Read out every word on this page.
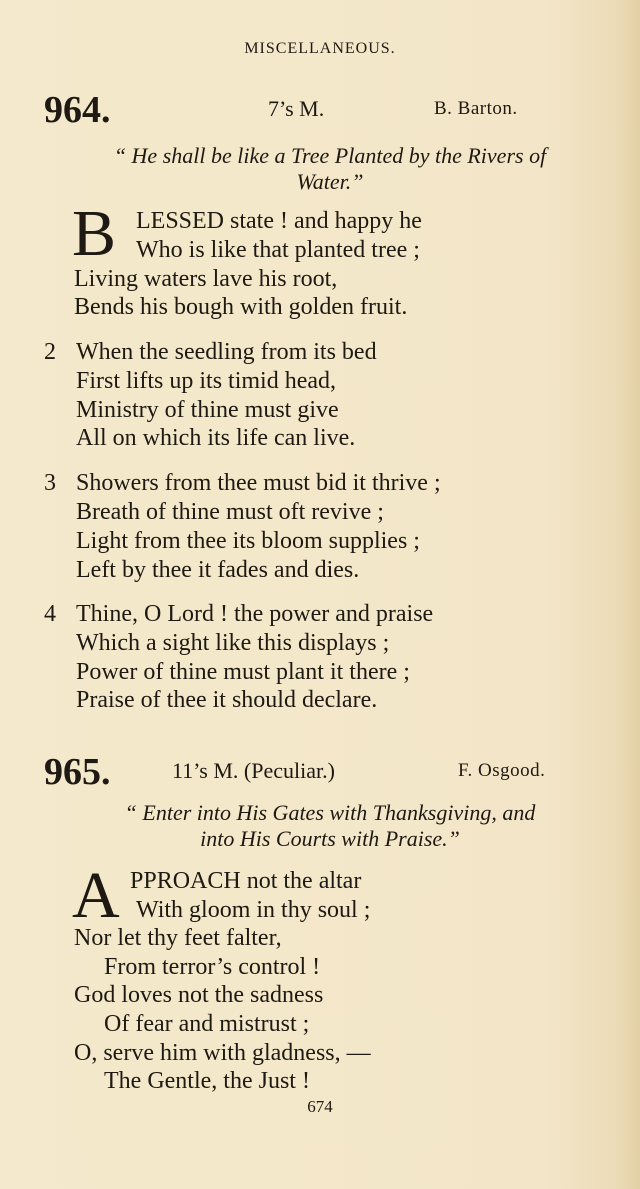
MISCELLANEOUS.
964.	7’s M.	B. Barton.
“ He shall be like a Tree Planted by the Rivers of
Water.”
B LESSED state ! and happy he
Who is like that planted tree ;
Living waters lave his root,
Bends his bough with golden fruit.
2 When the seedling from its bed
First lifts up its timid head,
Ministry of thine must give
All on which its life can live.
3 Showers from thee must bid it thrive ;
Breath of thine must oft revive ;
Light from thee its bloom supplies ;
Left by thee it fades and dies.
4 Thine, O Lord ! the power and praise
Which a sight like this displays ;
Power of thine must plant it there ;
Praise of thee it should declare.
965.	11’s M. (Peculiar.)	F. Osgood.
“ Enter into His Gates with Thanksgiving, and
into His Courts with Praise.”
A PPROACH not the altar
With gloom in thy soul ;
Nor let thy feet falter,
From terror’s control !
God loves not the sadness
Of fear and mistrust ;
O, serve him with gladness, —
The Gentle, the Just !
674
